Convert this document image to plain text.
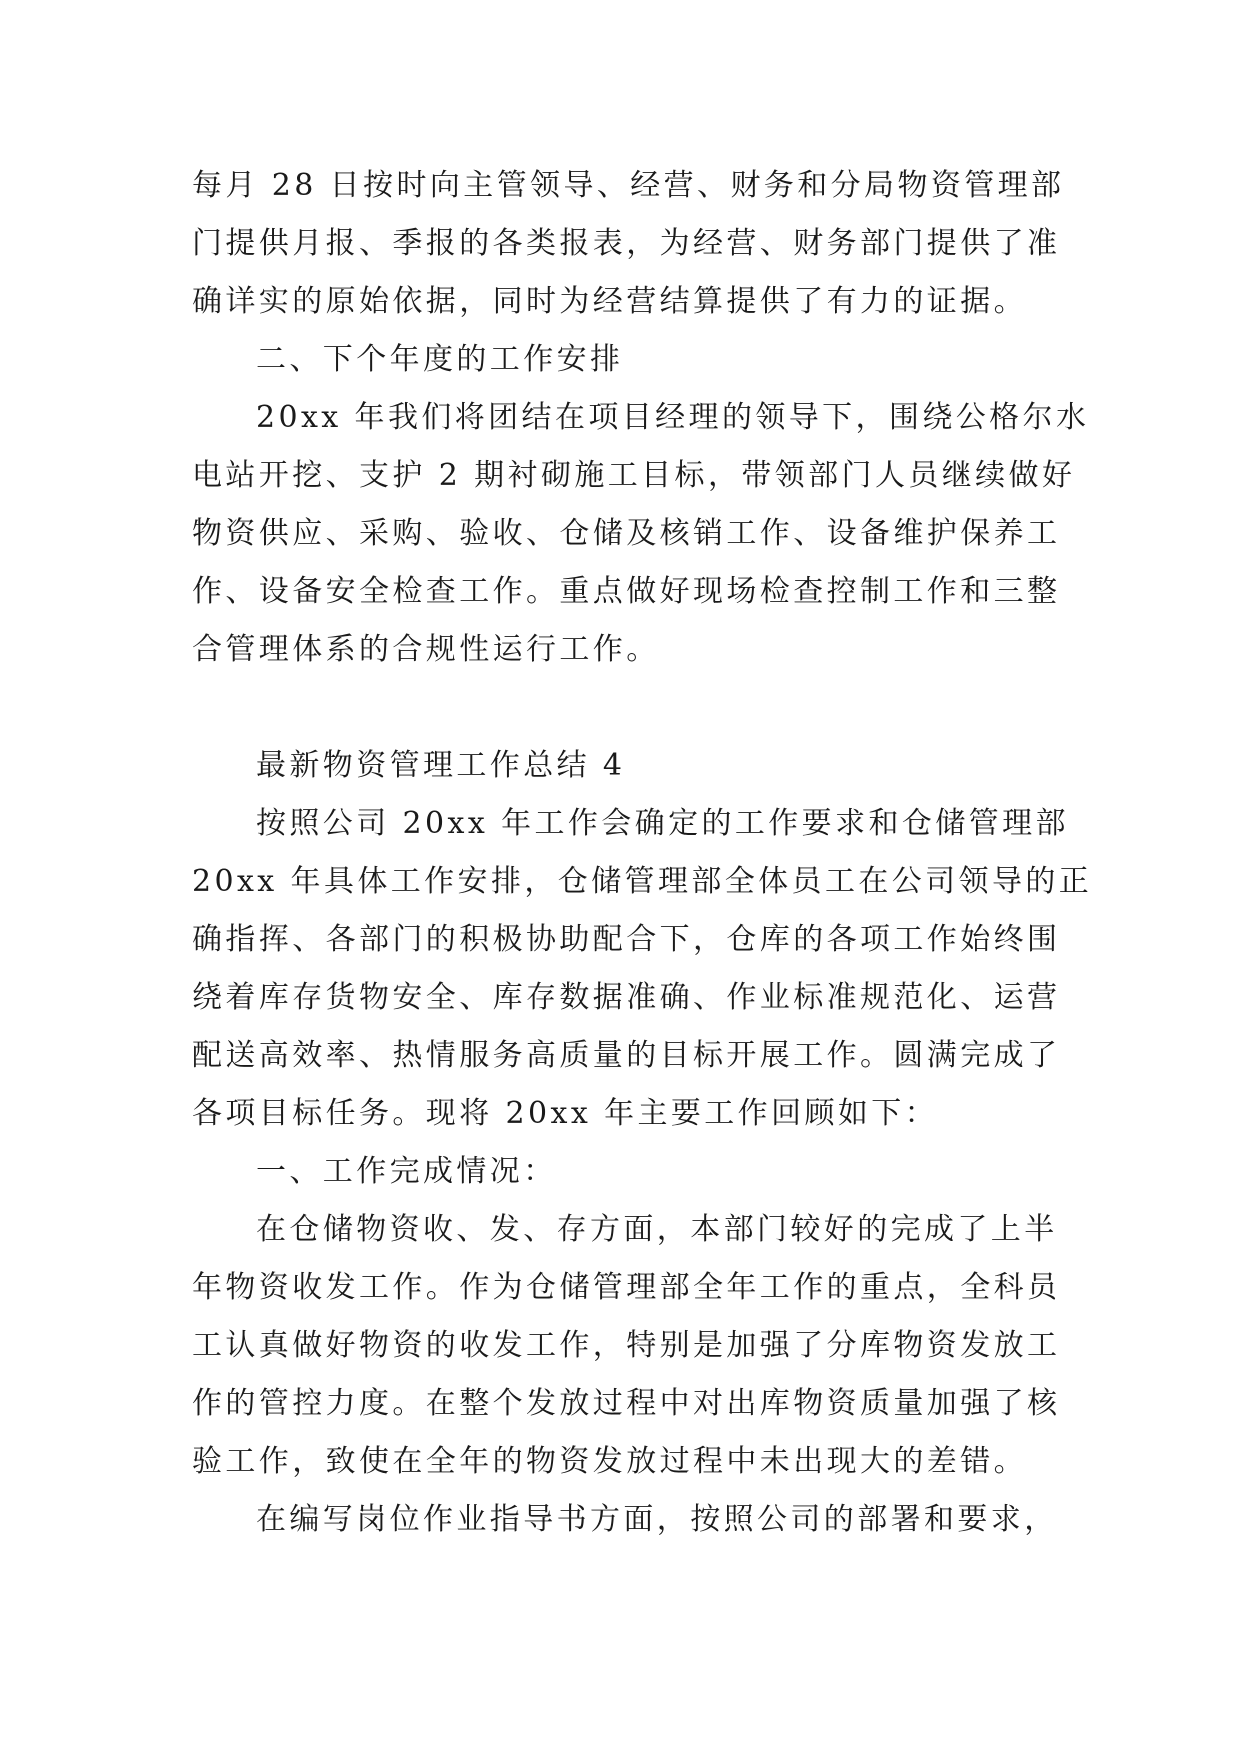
每月 28 日按时向主管领导、经营、财务和分局物资管理部
门提供月报、季报的各类报表，为经营、财务部门提供了准
确详实的原始依据，同时为经营结算提供了有力的证据。
二、下个年度的工作安排
20xx 年我们将团结在项目经理的领导下，围绕公格尔水
电站开挖、支护 2 期衬砌施工目标，带领部门人员继续做好
物资供应、采购、验收、仓储及核销工作、设备维护保养工
作、设备安全检查工作。重点做好现场检查控制工作和三整
合管理体系的合规性运行工作。
最新物资管理工作总结 4
按照公司 20xx 年工作会确定的工作要求和仓储管理部
20xx 年具体工作安排，仓储管理部全体员工在公司领导的正
确指挥、各部门的积极协助配合下，仓库的各项工作始终围
绕着库存货物安全、库存数据准确、作业标准规范化、运营
配送高效率、热情服务高质量的目标开展工作。圆满完成了
各项目标任务。现将 20xx 年主要工作回顾如下：
一、工作完成情况：
在仓储物资收、发、存方面，本部门较好的完成了上半
年物资收发工作。作为仓储管理部全年工作的重点，全科员
工认真做好物资的收发工作，特别是加强了分库物资发放工
作的管控力度。在整个发放过程中对出库物资质量加强了核
验工作，致使在全年的物资发放过程中未出现大的差错。
在编写岗位作业指导书方面，按照公司的部署和要求，
